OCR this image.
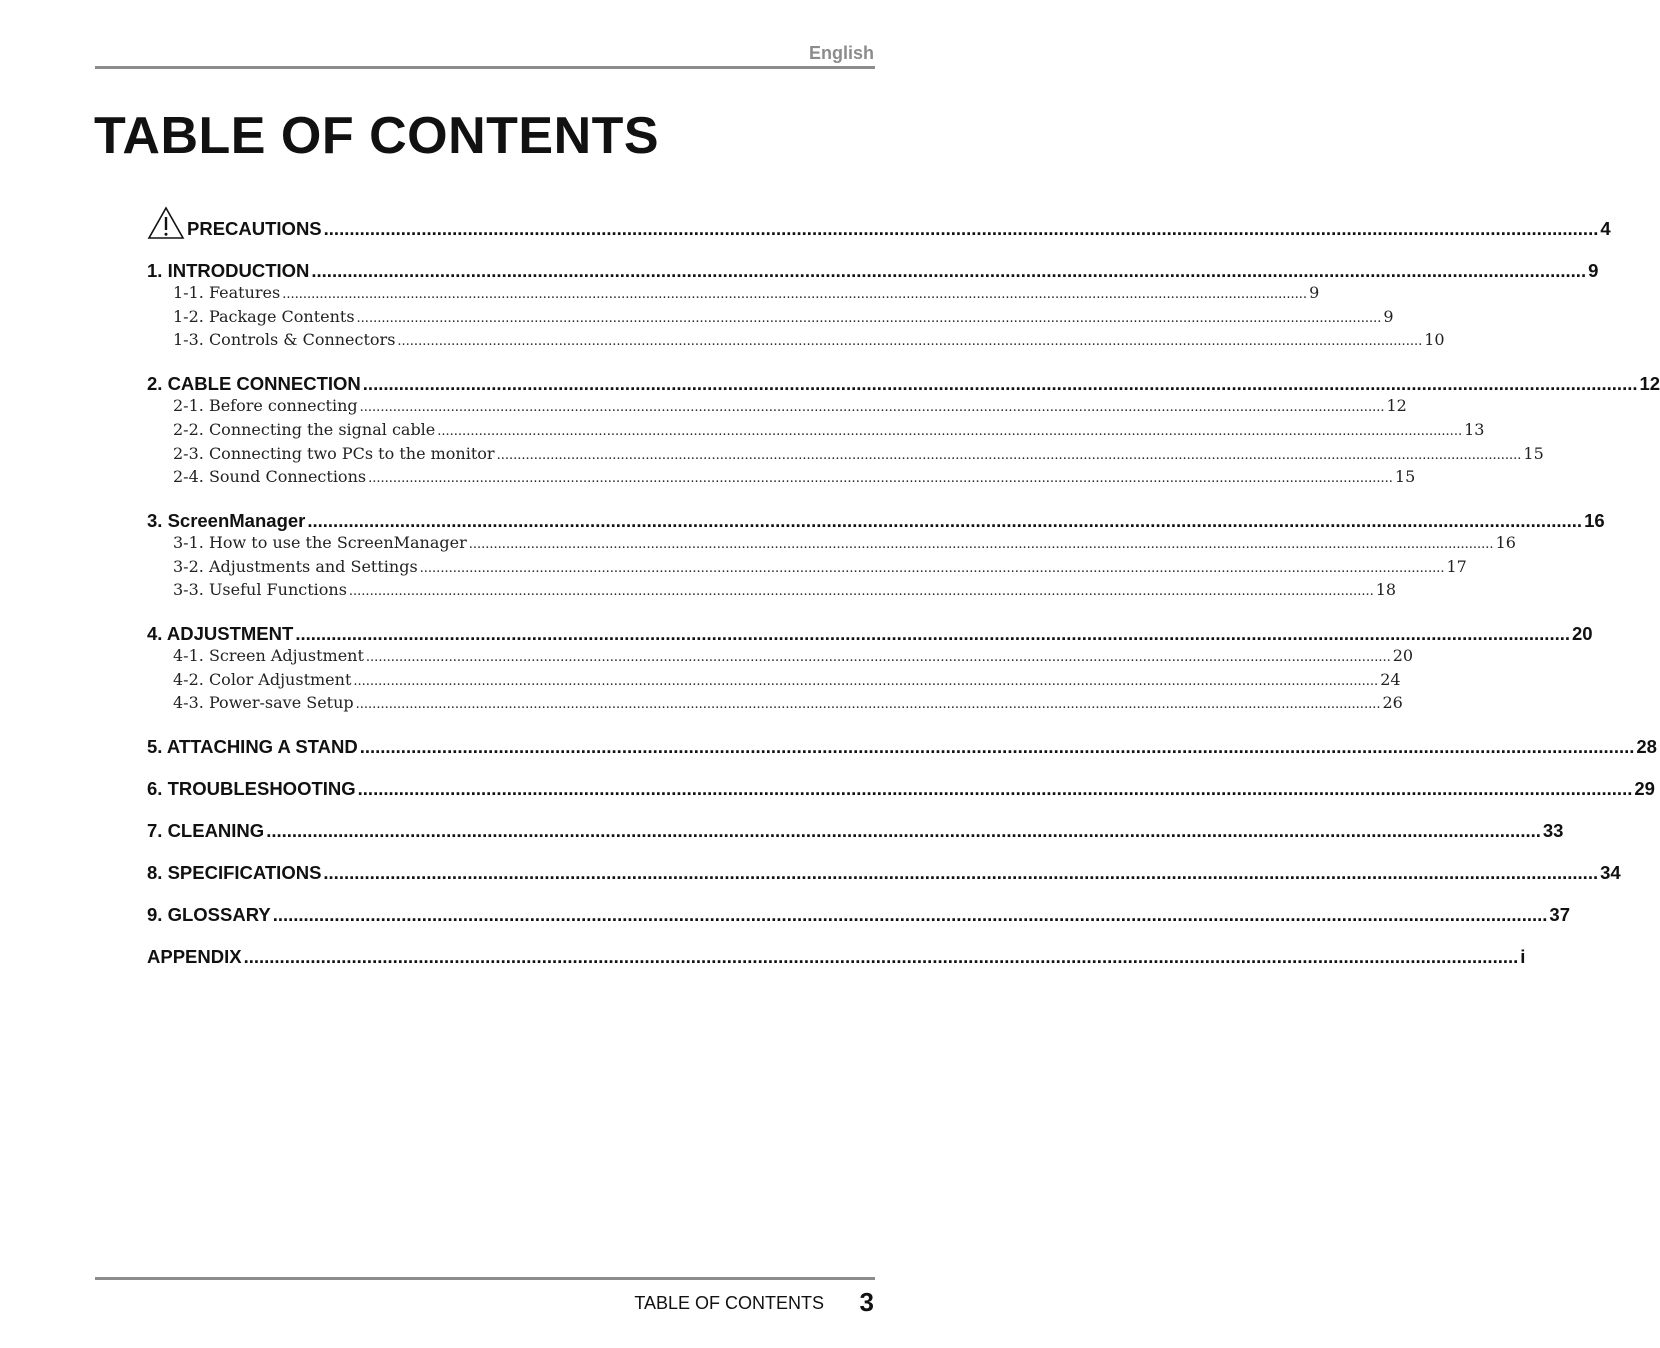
English
TABLE OF CONTENTS
PRECAUTIONS .....	4
1. INTRODUCTION .....	9
1-1. Features .....	9
1-2. Package Contents .....	9
1-3. Controls & Connectors .....	10
2. CABLE CONNECTION .....	12
2-1. Before connecting .....	12
2-2. Connecting the signal cable .....	13
2-3. Connecting two PCs to the monitor .....	15
2-4. Sound Connections .....	15
3. ScreenManager .....	16
3-1. How to use the ScreenManager .....	16
3-2. Adjustments and Settings .....	17
3-3. Useful Functions .....	18
4. ADJUSTMENT .....	20
4-1. Screen Adjustment .....	20
4-2. Color Adjustment .....	24
4-3. Power-save Setup .....	26
5. ATTACHING A STAND .....	28
6. TROUBLESHOOTING .....	29
7. CLEANING .....	33
8. SPECIFICATIONS .....	34
9. GLOSSARY .....	37
APPENDIX .....	i
TABLE OF CONTENTS 3
